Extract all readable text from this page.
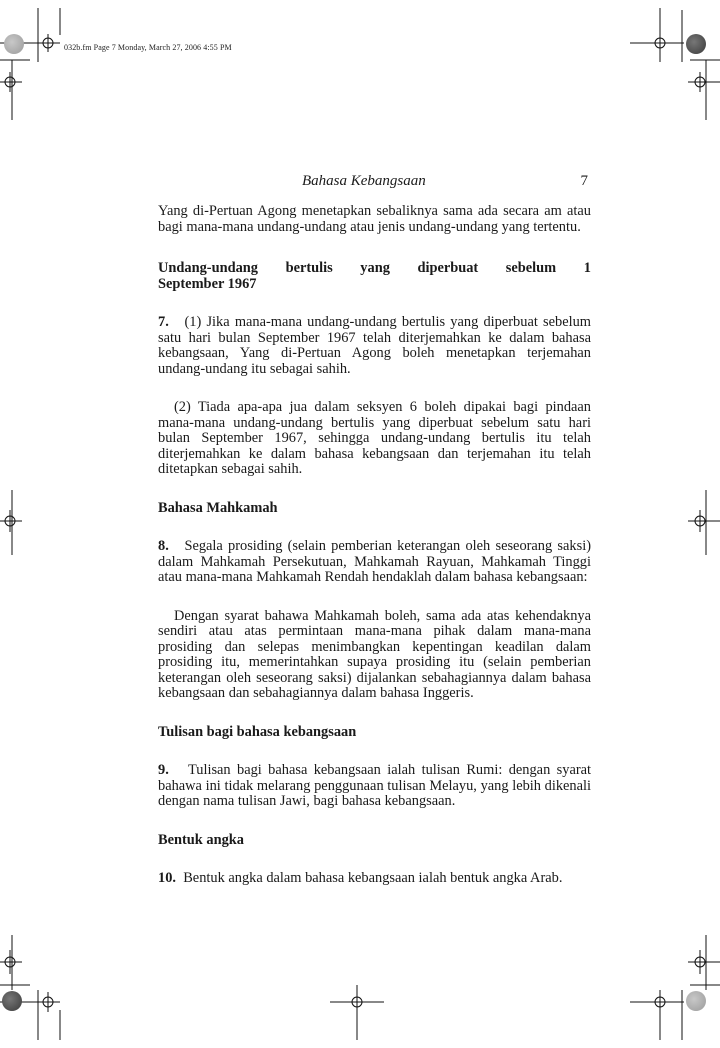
032b.fm Page 7 Monday, March 27, 2006 4:55 PM
Bahasa Kebangsaan	7

Yang di-Pertuan Agong menetapkan sebaliknya sama ada secara am atau bagi mana-mana undang-undang atau jenis undang-undang yang tertentu.

Undang-undang bertulis yang diperbuat sebelum 1
September 1967

7. (1) Jika mana-mana undang-undang bertulis yang diperbuat sebelum satu hari bulan September 1967 telah diterjemahkan ke dalam bahasa kebangsaan, Yang di-Pertuan Agong boleh menetapkan terjemahan undang-undang itu sebagai sahih.

(2) Tiada apa-apa jua dalam seksyen 6 boleh dipakai bagi pindaan mana-mana undang-undang bertulis yang diperbuat sebelum satu hari bulan September 1967, sehingga undang-undang bertulis itu telah diterjemahkan ke dalam bahasa kebangsaan dan terjemahan itu telah ditetapkan sebagai sahih.

Bahasa Mahkamah

8. Segala prosiding (selain pemberian keterangan oleh seseorang saksi) dalam Mahkamah Persekutuan, Mahkamah Rayuan, Mahkamah Tinggi atau mana-mana Mahkamah Rendah hendaklah dalam bahasa kebangsaan:

Dengan syarat bahawa Mahkamah boleh, sama ada atas kehendaknya sendiri atau atas permintaan mana-mana pihak dalam mana-mana prosiding dan selepas menimbangkan kepentingan keadilan dalam prosiding itu, memerintahkan supaya prosiding itu (selain pemberian keterangan oleh seseorang saksi) dijalankan sebahagiannya dalam bahasa kebangsaan dan sebahagiannya dalam bahasa Inggeris.

Tulisan bagi bahasa kebangsaan

9. Tulisan bagi bahasa kebangsaan ialah tulisan Rumi: dengan syarat bahawa ini tidak melarang penggunaan tulisan Melayu, yang lebih dikenali dengan nama tulisan Jawi, bagi bahasa kebangsaan.

Bentuk angka

10. Bentuk angka dalam bahasa kebangsaan ialah bentuk angka Arab.
